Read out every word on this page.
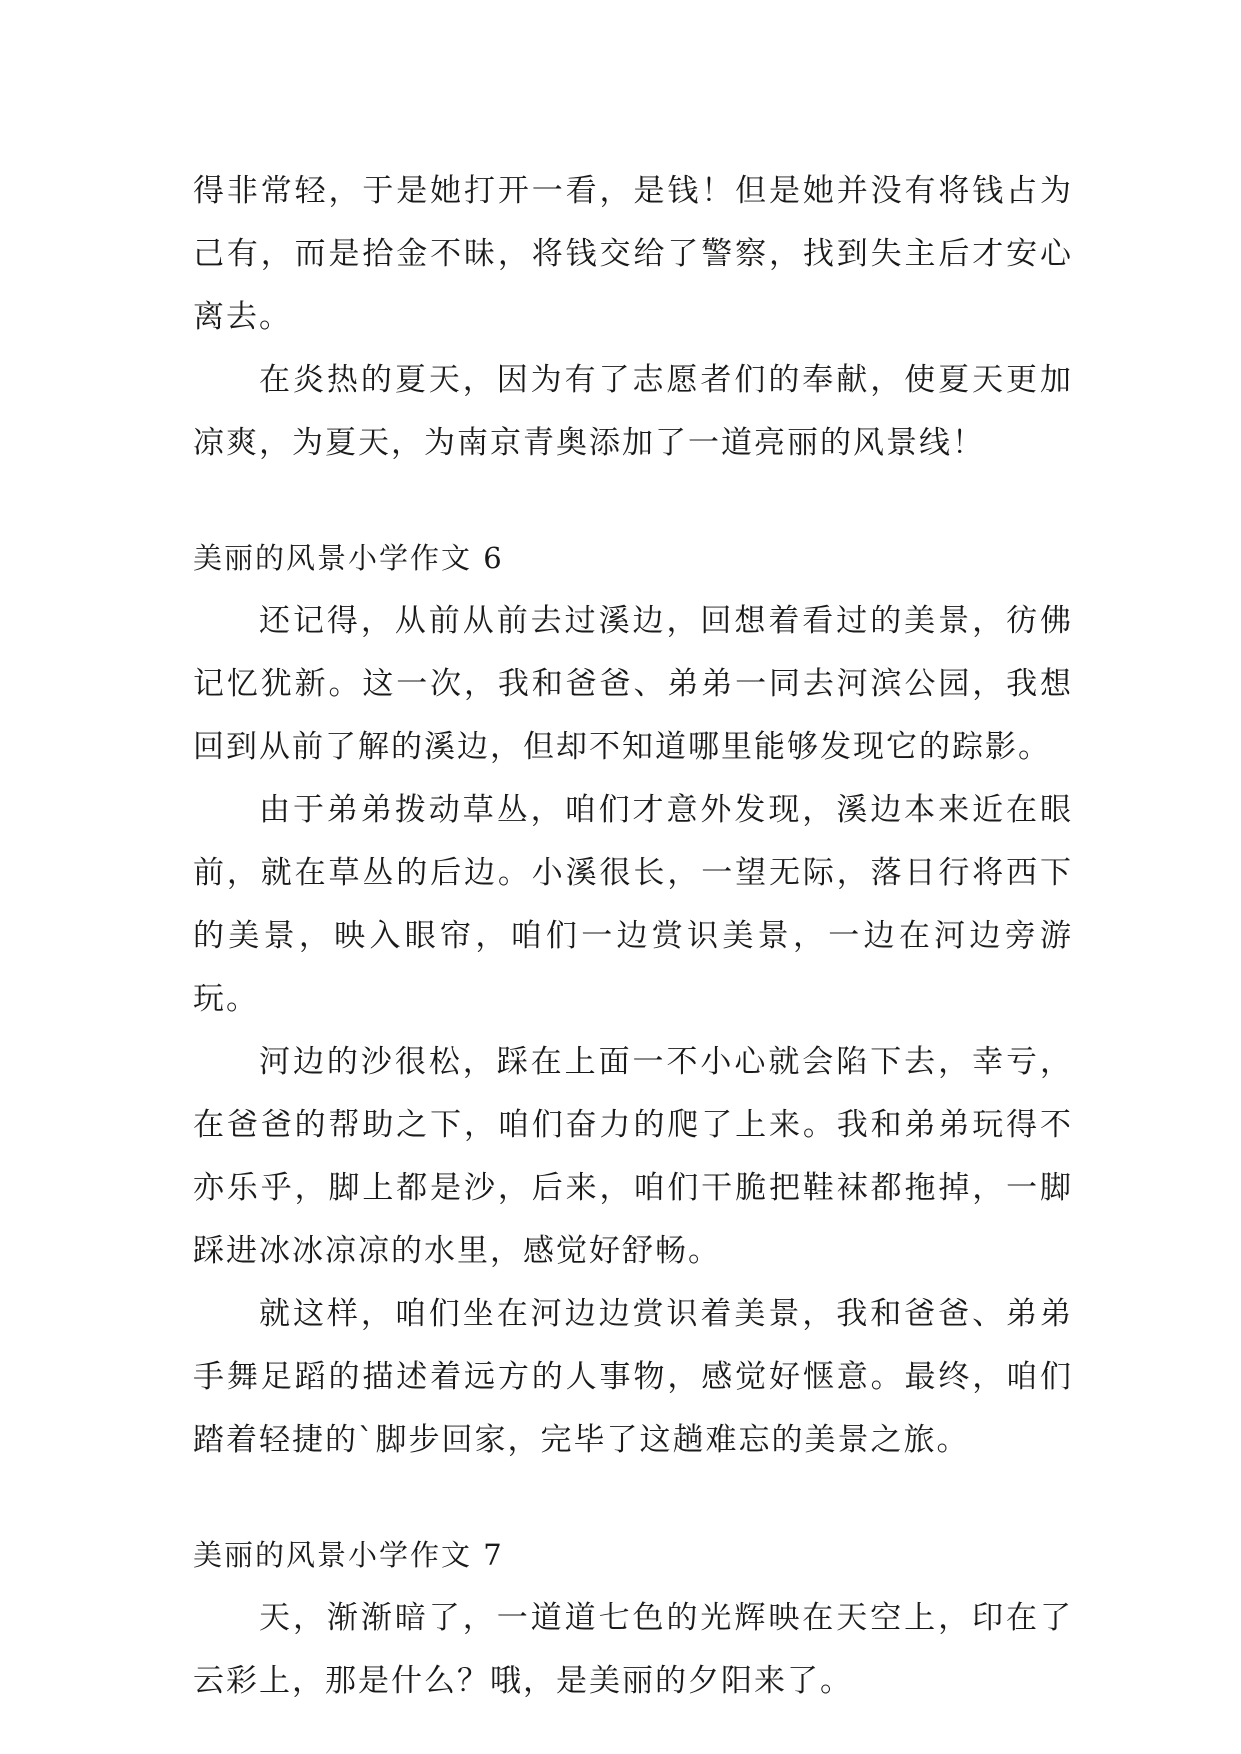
得非常轻，于是她打开一看，是钱！但是她并没有将钱占为己有，而是拾金不昧，将钱交给了警察，找到失主后才安心离去。

在炎热的夏天，因为有了志愿者们的奉献，使夏天更加凉爽，为夏天，为南京青奥添加了一道亮丽的风景线！

美丽的风景小学作文 6

还记得，从前从前去过溪边，回想着看过的美景，彷佛记忆犹新。这一次，我和爸爸、弟弟一同去河滨公园，我想回到从前了解的溪边，但却不知道哪里能够发现它的踪影。

由于弟弟拨动草丛，咱们才意外发现，溪边本来近在眼前，就在草丛的后边。小溪很长，一望无际，落日行将西下的美景，映入眼帘，咱们一边赏识美景，一边在河边旁游玩。

河边的沙很松，踩在上面一不小心就会陷下去，幸亏，在爸爸的帮助之下，咱们奋力的爬了上来。我和弟弟玩得不亦乐乎，脚上都是沙，后来，咱们干脆把鞋袜都拖掉，一脚踩进冰冰凉凉的水里，感觉好舒畅。

就这样，咱们坐在河边边赏识着美景，我和爸爸、弟弟手舞足蹈的描述着远方的人事物，感觉好惬意。最终，咱们踏着轻捷的`脚步回家，完毕了这趟难忘的美景之旅。

美丽的风景小学作文 7

天，渐渐暗了，一道道七色的光辉映在天空上，印在了云彩上，那是什么？哦，是美丽的夕阳来了。
